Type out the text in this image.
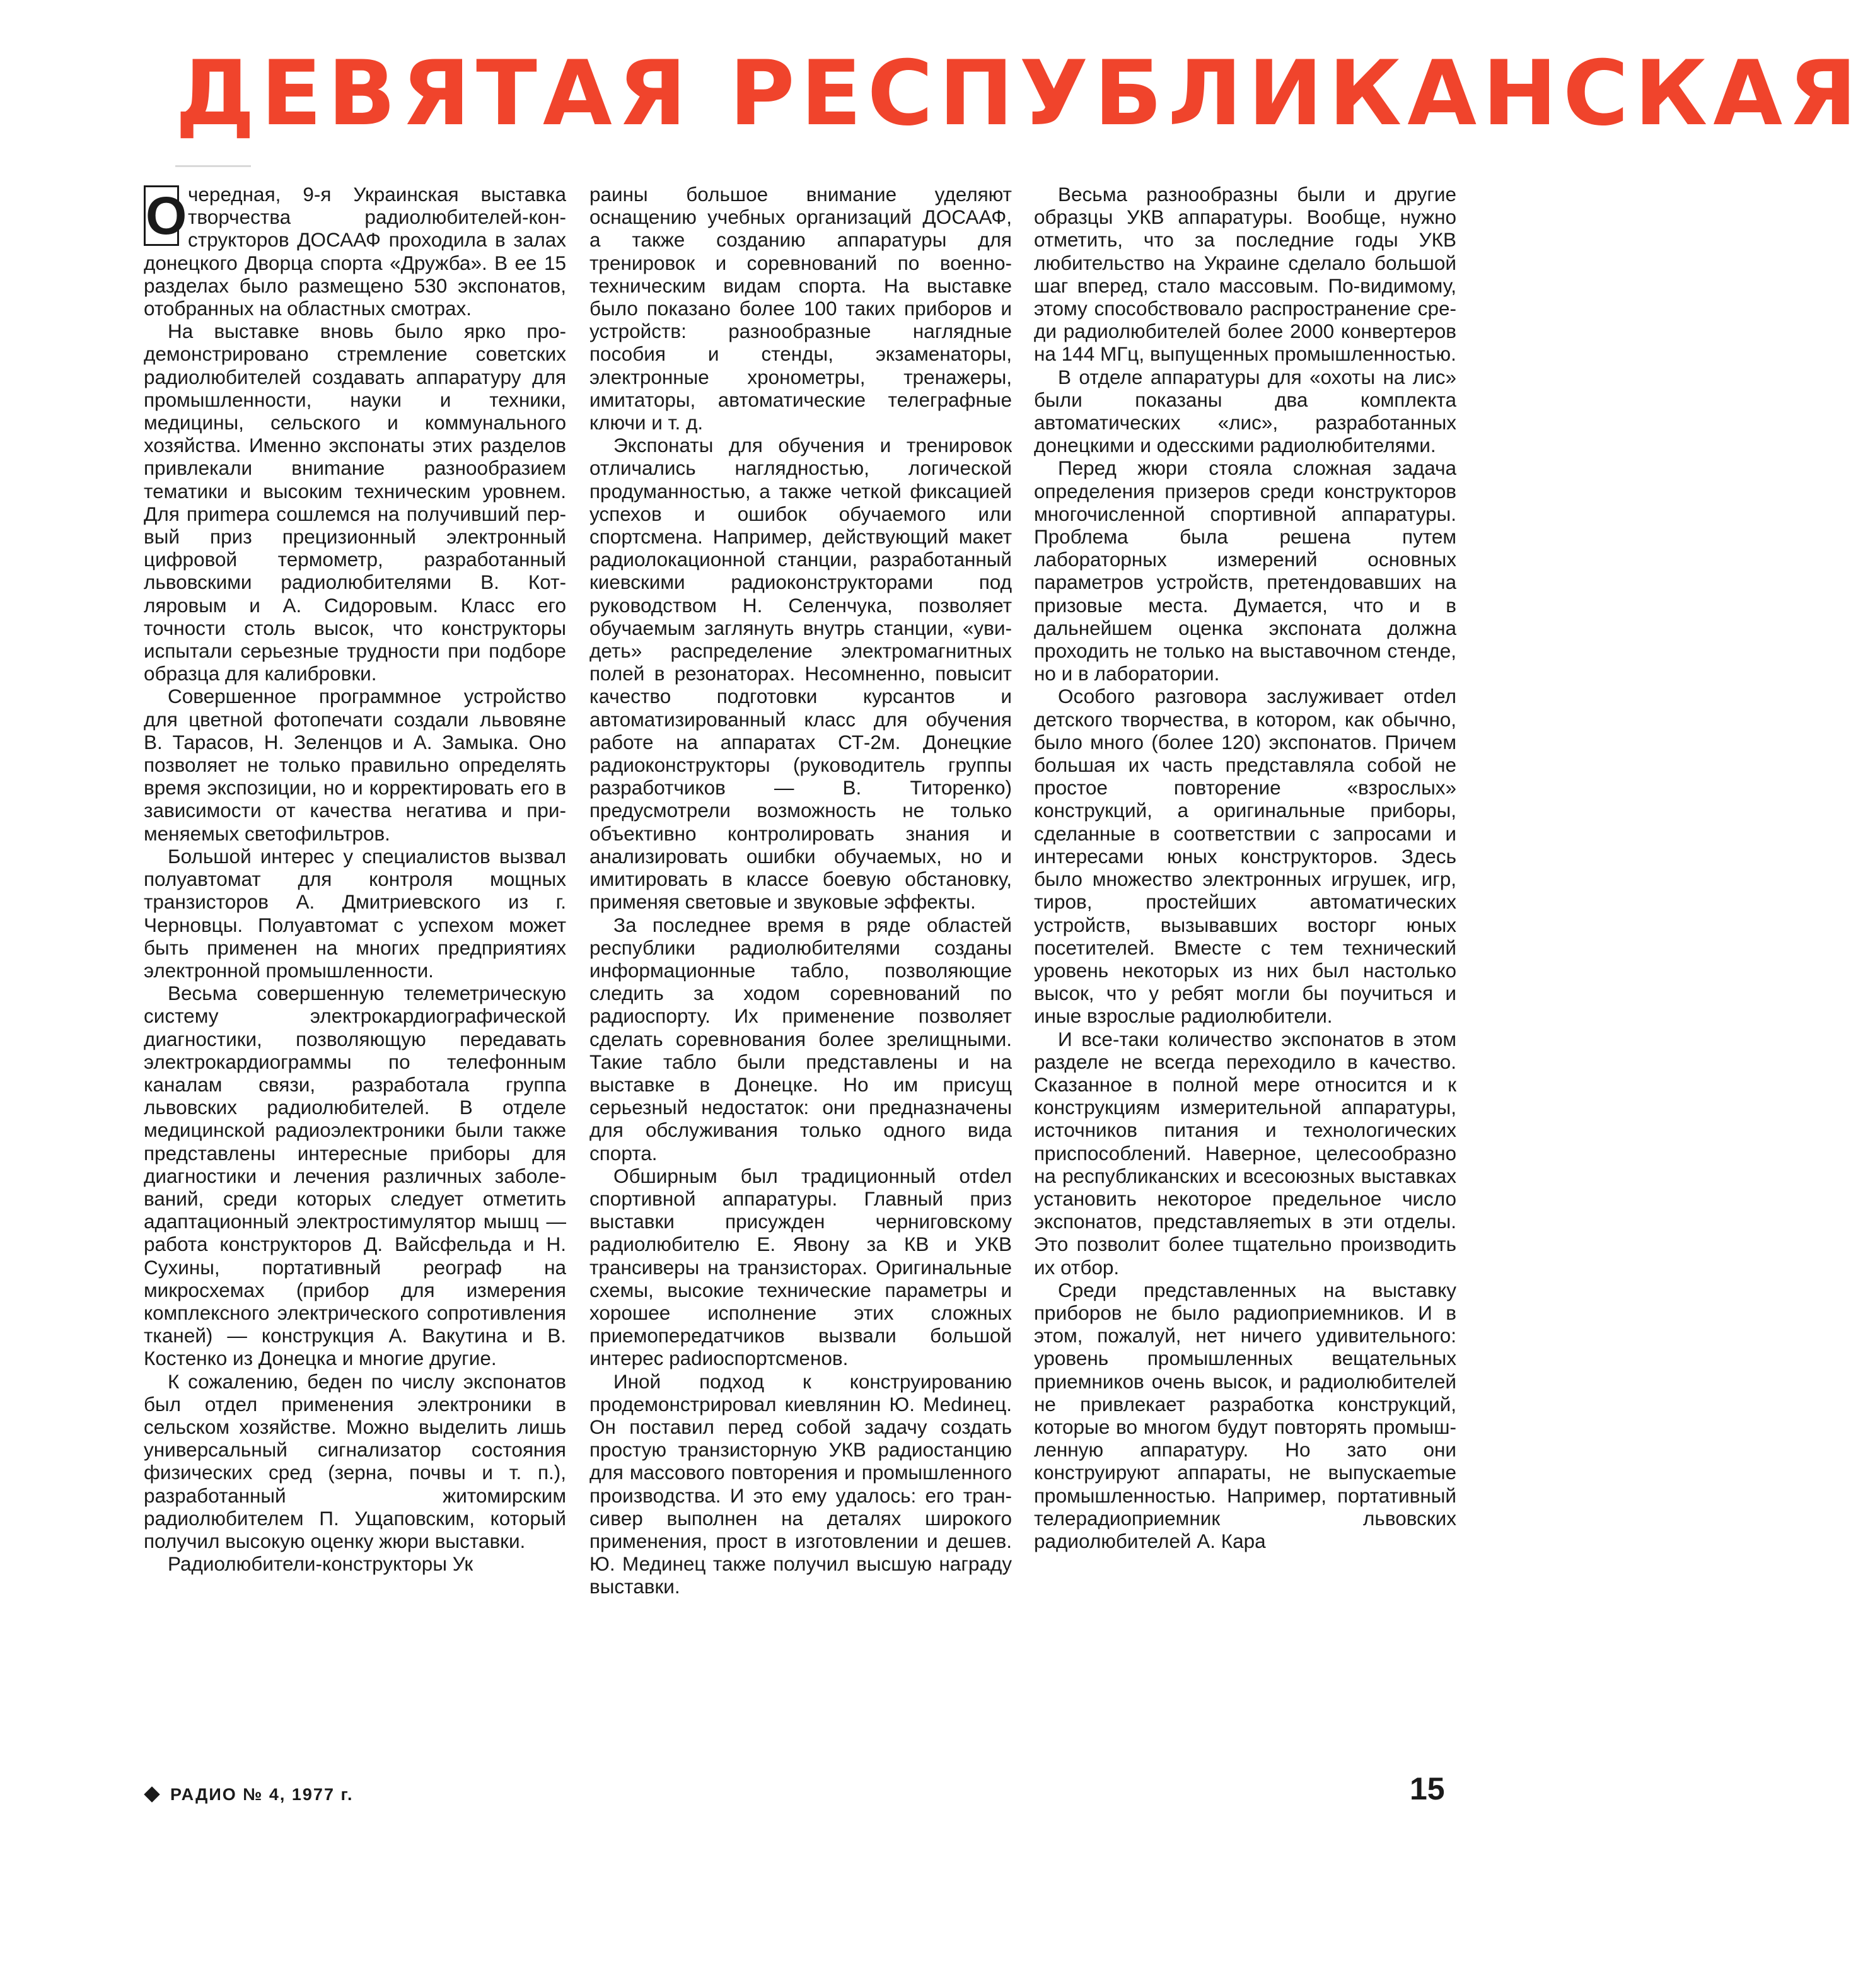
ДЕВЯТАЯ РЕСПУБЛИКАНСКАЯ

О чередная, 9-я Украинская выставка творчества радиолюбителей-конструкторов ДОСААФ проходила в залах донецкого Дворца спорта «Дружба». В ее 15 разделах было размещено 530 экспонатов, отобранных на областных смотрах.

На выставке вновь было ярко продемонстрировано стремление советских радиолюбителей создавать аппаратуру для промышленности, науки и техники, медицины, сельского и коммунального хозяйства. Именно экспонаты этих разделов привлекали вниmание разнообразием тематики и высоким техническим уровнем. Для приmера сошлемся на получивший первый приз прецизионный электронный цифровой термометр, разработанный львовскими радиолюбителями В. Котляровым и А. Сидоровым. Класс его точности столь высок, что конструкторы испытали серьезные трудности при подборе образца для калибровки.

Совершенное программное устройство для цветной фотопечати создали львовяне В. Тарасов, Н. Зеленцов и А. Замыка. Оно позволяет не только правильно определять время экспозиции, но и корректировать его в зависимости от качества негатива и применяемых светофильтров.

Большой интерес у специалистов вызвал полуавтомат для контроля мощных транзисторов А. Дмитриевского из г. Черновцы. Полуавтомат с успехом может быть применен на многих предприятиях электронной промышленности.

Весьма совершенную телеметрическую систему электрокардиографической диагностики, позволяющую передавать электрокардиограммы по телефонным каналам связи, разработала группа львовских радиолюбителей. В отделе медицинской радиоэлектроники были также представлены интересные приборы для диагностики и лечения различных заболеваний, среди которых следует отметить адаптационный электростимулятор мышц — работа конструкторов Д. Вайсфельда и Н. Сухины, портативный реограф на микросхемах (прибор для измерения комплексного электрического сопротивления тканей) — конструкция А. Вакутина и В. Костенко из Донецка и многие другие.

К сожалению, беден по числу экспонатов был отдел применения электроники в сельском хозяйстве. Можно выделить лишь универсальный сигнализатор состояния физических сред (зерна, почвы и т. п.), разработанный житомирским радиолюбителем П. Ущаповским, который получил высокую оценку жюри выставки.

Радиолюбители-конструкторы Ук

раины большое внимание уделяют оснащению учебных организаций ДОСААФ, а также созданию аппаратуры для тренировок и соревнований по военно-техническим видам спорта. На выставке было показано более 100 таких приборов и устройств: разнообразные наглядные пособия и стенды, экзаменаторы, электронные хронометры, тренажеры, имитаторы, автоматические телеграфные ключи и т. д.

Экспонаты для обучения и тренировок отличались наглядностью, логической продуманностью, а также четкой фиксацией успехов и ошибок обучаемого или спортсмена. Например, действующий макет радиолокационной станции, разработанный киевскими радиоконструкторами под руководством Н. Селенчука, позволяет обучаемым заглянуть внутрь станции, «увидеть» распределение электромагнитных полей в резонаторах. Несомненно, повысит качество подготовки курсантов и автоматизированный класс для обучения работе на аппаратах СТ-2м. Донецкие радиоконструкторы (руководитель группы разработчиков — В. Титоренко) предусмотрели возможность не только объективно контролировать знания и анализировать ошибки обучаемых, но и имитировать в классе боевую обстановку, применяя световые и звуковые эффекты.

За последнее время в ряде областей республики радиолюбителями созданы информационные табло, позволяющие следить за ходом соревнований по радиоспорту. Их применение позволяет сделать соревнования более зрелищными. Такие табло были представлены и на выставке в Донецке. Но им присущ серьезный недостаток: они предназначены для обслуживания только одного вида спорта.

Обширным был традиционный отdел спортивной аппаратуры. Главный приз выставки присужден черниговскому радиолюбителю Е. Явону за КВ и УКВ трансиверы на транзисторах. Оригинальные схемы, высокие технические параметры и хорошее исполнение этих сложных приемопередатчиков вызвали большой интерес раdиоспортсменов.

Иной подход к конструированию продемонстрировал киевлянин Ю. Меdинец. Он поставил перед собой задачу создать простую транзисторную УКВ радиостанцию для массового повторения и промышленного производства. И это ему удалось: его трансивер выполнен на деталях широкого применения, прост в изготовлении и дешев. Ю. Мединец также получил высшую награду выставки.

Весьма разнообразны были и другие образцы УКВ аппаратуры. Вообще, нужно отметить, что за последние годы УКВ любительство на Украине сделало большой шаг вперед, стало массовым. По-видимому, этому способствовало распространение среди радиолюбителей более 2000 конвертеров на 144 МГц, выпущенных промышленностью.

В отделе аппаратуры для «охоты на лис» были показаны два комплекта автоматических «лис», разработанных донецкими и одесскими радиолюбителями.

Перед жюри стояла сложная задача определения призеров среди конструкторов многочисленной спортивной аппаратуры. Проблема была решена путем лабораторных измерений основных параметров устройств, претендовавших на призовые места. Думается, что и в дальнейшем оценка экспоната должна проходить не только на выставочном стенде, но и в лаборатории.

Особого разговора заслуживает отdел детского творчества, в котором, как обычно, было много (более 120) экспонатов. Причем большая их часть представляла собой не простое повторение «взрослых» конструкций, а оригинальные приборы, сделанные в соответствии с запросами и интересами юных конструкторов. Здесь было множество электронных игрушек, игр, тиров, простейших автоматических устройств, вызывавших восторг юных посетителей. Вместе с тем технический уровень некоторых из них был настолько высок, что у ребят могли бы поучиться и иные взрослые радиолюбители.

И все-таки количество экспонатов в этом разделе не всегда переходило в качество. Сказанное в полной мере относится и к конструкциям измерительной аппаратуры, источников питания и технологических приспособлений. Наверное, целесообразно на республиканских и всесоюзных выставках установить некоторое предельное число экспонатов, представляеmых в эти отделы. Это позволит более тщательно производить их отбор.

Среди представленных на выставку приборов не было радиоприемников. И в этом, пожалуй, нет ничего удивительного: уровень промышленных вещательных приемников очень высок, и радиолюбителей не привлекает разработка конструкций, которые во многом будут повторять промышленную аппаратуру. Но зато они конструируют аппараты, не выпускаеmые промышленностью. Например, портативный телерадиоприемник львовских радиолюбителей А. Кара

РАДИО № 4, 1977 г.	15
